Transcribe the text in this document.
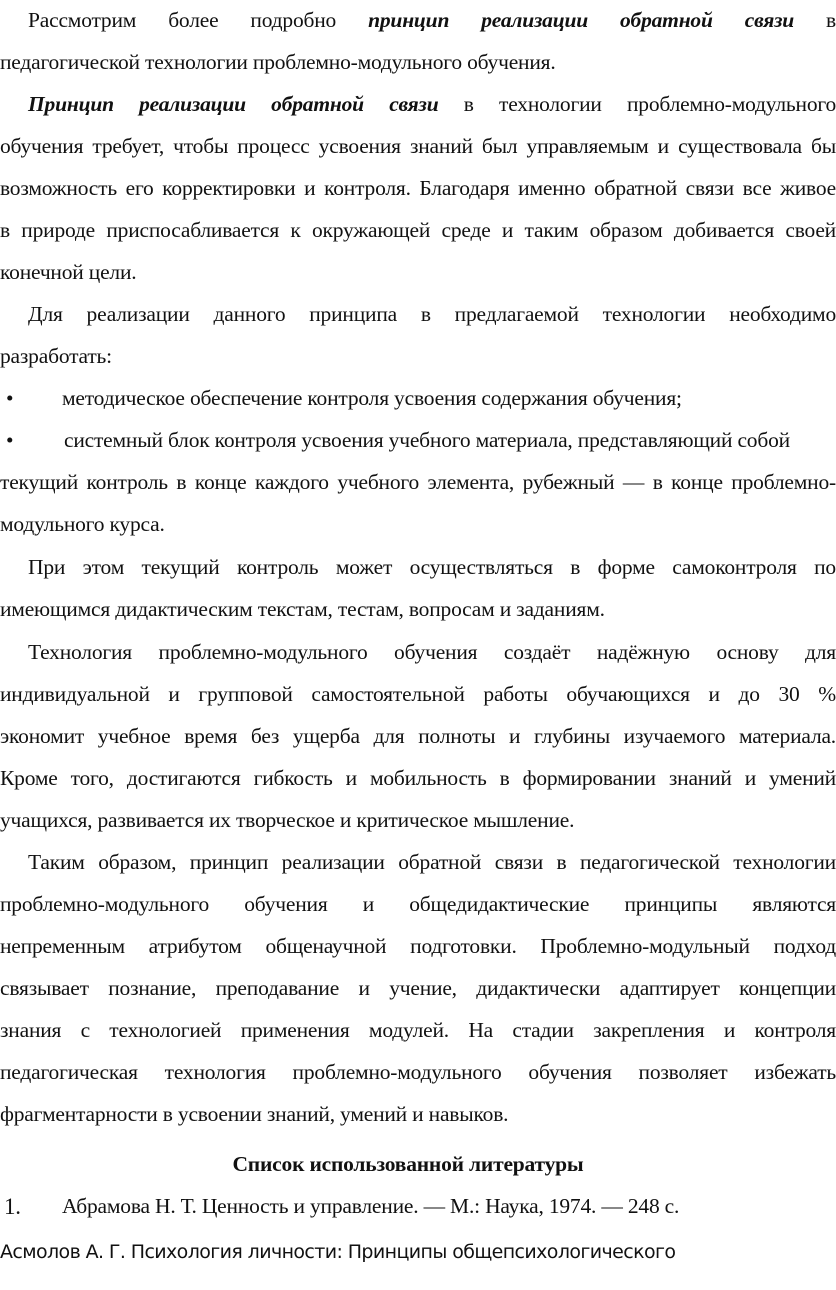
Рассмотрим более подробно принцип реализации обратной связи в
педагогической технологии проблемно-модульного обучения.
Принцип реализации обратной связи в технологии проблемно-модульного
обучения требует, чтобы процесс усвоения знаний был управляемым и существовала бы
возможность его корректировки и контроля. Благодаря именно обратной связи все живое
в природе приспосабливается к окружающей среде и таким образом добивается своей
конечной цели.
Для реализации данного принципа в предлагаемой технологии необходимо
разработать:
• методическое обеспечение контроля усвоения содержания обучения;
• системный блок контроля усвоения учебного материала, представляющий собой
текущий контроль в конце каждого учебного элемента, рубежный — в конце проблемно-
модульного курса.
При этом текущий контроль может осуществляться в форме самоконтроля по
имеющимся дидактическим текстам, тестам, вопросам и заданиям.
Технология проблемно-модульного обучения создаёт надёжную основу для
индивидуальной и групповой самостоятельной работы обучающихся и до 30 %
экономит учебное время без ущерба для полноты и глубины изучаемого материала.
Кроме того, достигаются гибкость и мобильность в формировании знаний и умений
учащихся, развивается их творческое и критическое мышление.
Таким образом, принцип реализации обратной связи в педагогической технологии
проблемно-модульного обучения и общедидактические принципы являются
непременным атрибутом общенаучной подготовки. Проблемно-модульный подход
связывает познание, преподавание и учение, дидактически адаптирует концепции
знания с технологией применения модулей. На стадии закрепления и контроля
педагогическая технология проблемно-модульного обучения позволяет избежать
фрагментарности в усвоении знаний, умений и навыков.
Список использованной литературы
1. Абрамова Н. Т. Ценность и управление. — М.: Наука, 1974. — 248 с.
Асмолов А. Г. Психология личности: Принципы общепсихологического
